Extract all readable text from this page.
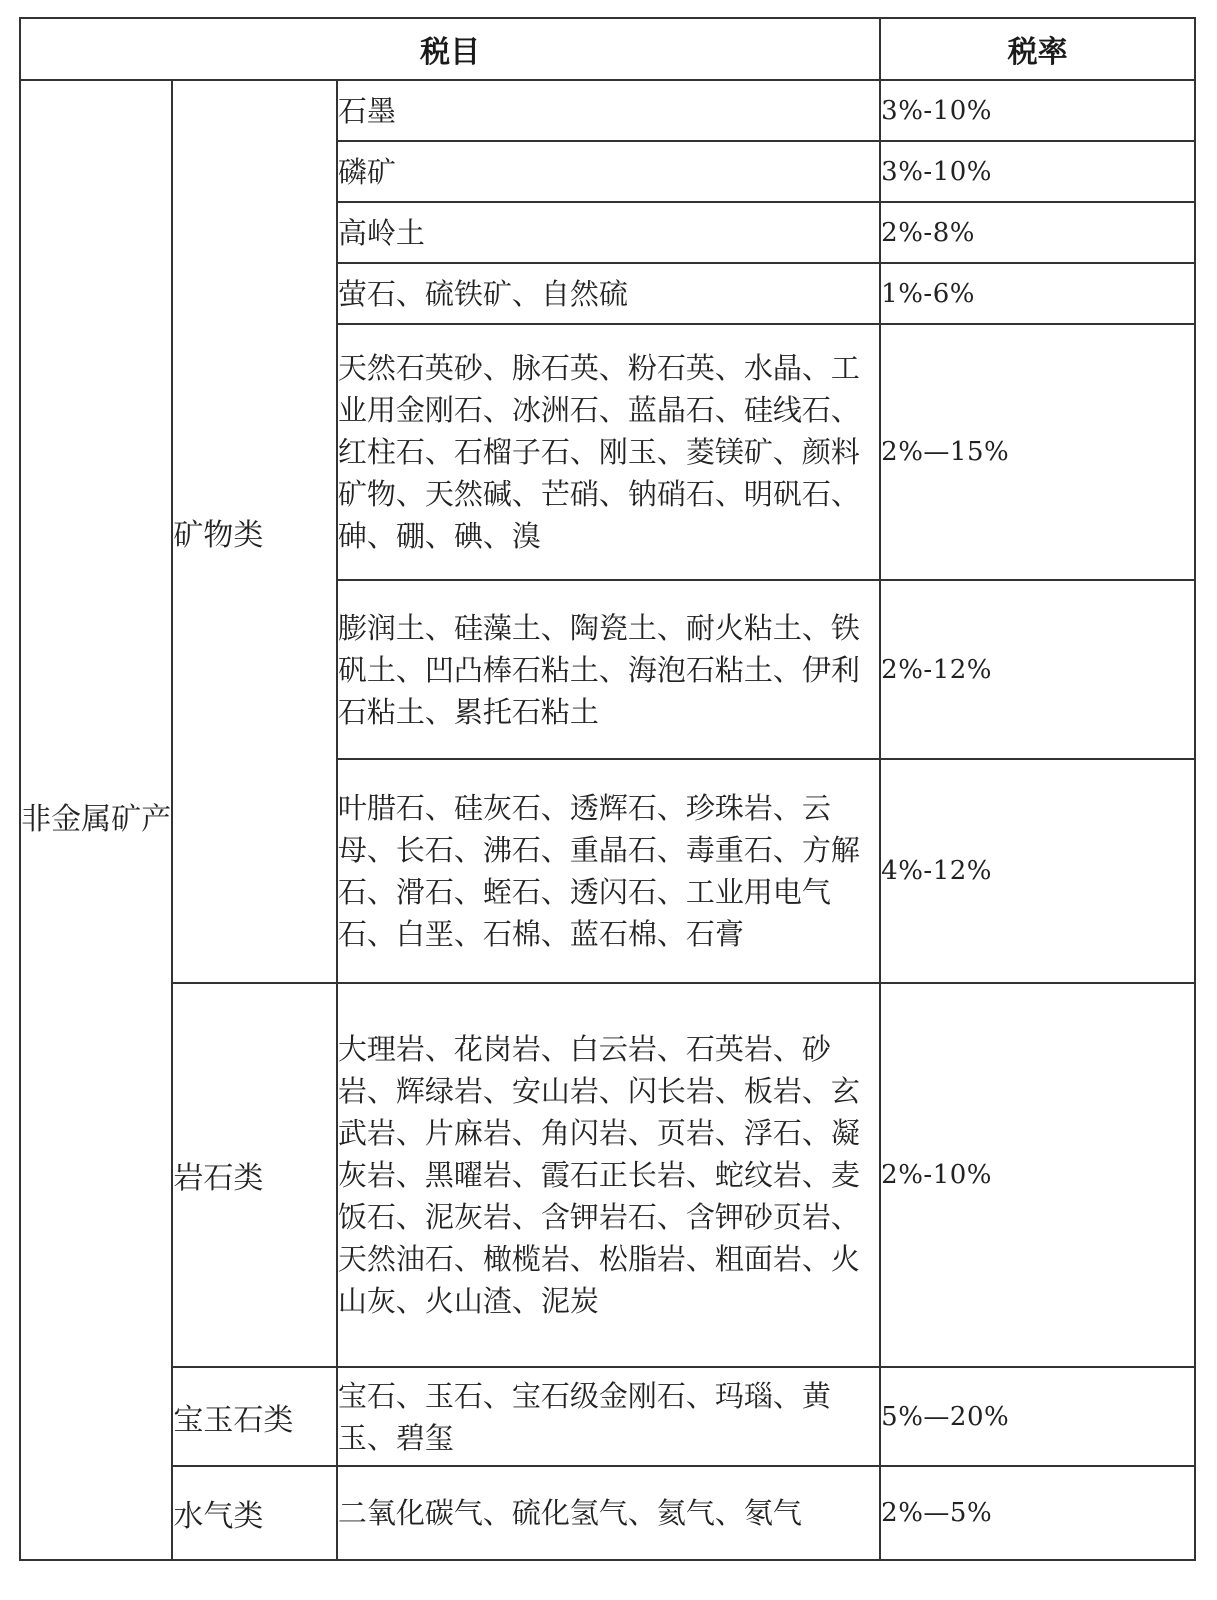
税目			税率
非金属矿产	矿物类	石墨	3%-10%
		磷矿	3%-10%
		高岭土	2%-8%
		萤石、硫铁矿、自然硫	1%-6%
		天然石英砂、脉石英、粉石英、水晶、工业用金刚石、冰洲石、蓝晶石、硅线石、红柱石、石榴子石、刚玉、菱镁矿、颜料矿物、天然碱、芒硝、钠硝石、明矾石、砷、硼、碘、溴	2%—15%
		膨润土、硅藻土、陶瓷土、耐火粘土、铁矾土、凹凸棒石粘土、海泡石粘土、伊利石粘土、累托石粘土	2%-12%
		叶腊石、硅灰石、透辉石、珍珠岩、云母、长石、沸石、重晶石、毒重石、方解石、滑石、蛭石、透闪石、工业用电气石、白垩、石棉、蓝石棉、石膏	4%-12%
	岩石类	大理岩、花岗岩、白云岩、石英岩、砂岩、辉绿岩、安山岩、闪长岩、板岩、玄武岩、片麻岩、角闪岩、页岩、浮石、凝灰岩、黑曜岩、霞石正长岩、蛇纹岩、麦饭石、泥灰岩、含钾岩石、含钾砂页岩、天然油石、橄榄岩、松脂岩、粗面岩、火山灰、火山渣、泥炭	2%-10%
	宝玉石类	宝石、玉石、宝石级金刚石、玛瑙、黄玉、碧玺	5%—20%
	水气类	二氧化碳气、硫化氢气、氦气、氡气	2%—5%
